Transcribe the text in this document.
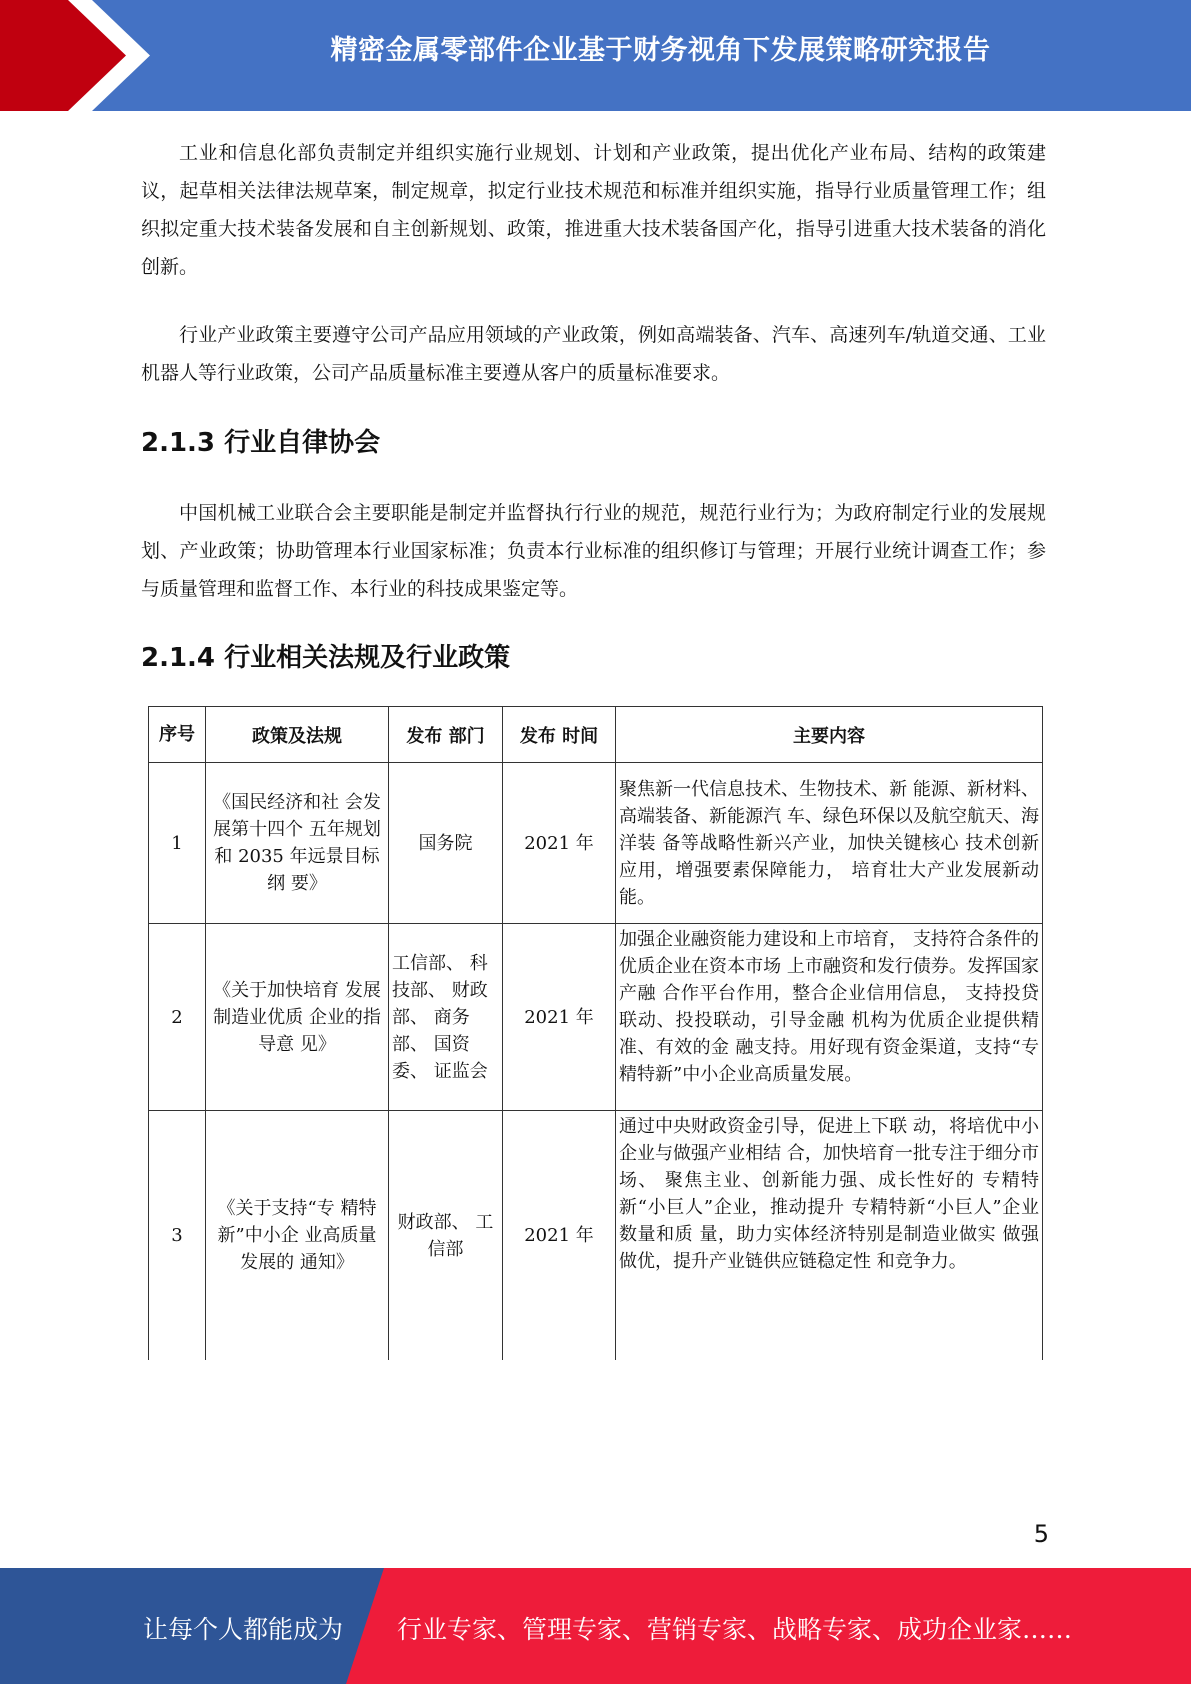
精密金属零部件企业基于财务视角下发展策略研究报告

工业和信息化部负责制定并组织实施行业规划、计划和产业政策，提出优化产业布局、结构的政策建议，起草相关法律法规草案，制定规章，拟定行业技术规范和标准并组织实施，指导行业质量管理工作；组织拟定重大技术装备发展和自主创新规划、政策，推进重大技术装备国产化，指导引进重大技术装备的消化创新。

行业产业政策主要遵守公司产品应用领域的产业政策，例如高端装备、汽车、高速列车/轨道交通、工业机器人等行业政策，公司产品质量标准主要遵从客户的质量标准要求。

2.1.3 行业自律协会

中国机械工业联合会主要职能是制定并监督执行行业的规范，规范行业行为；为政府制定行业的发展规划、产业政策；协助管理本行业国家标准；负责本行业标准的组织修订与管理；开展行业统计调查工作；参与质量管理和监督工作、本行业的科技成果鉴定等。

2.1.4 行业相关法规及行业政策
序号	政策及法规	发布 部门	发布 时间	主要内容
1	《国民经济和社 会发展第十四个 五年规划和 2035 年远景目标纲 要》	国务院	2021 年	聚焦新一代信息技术、生物技术、新 能源、新材料、高端装备、新能源汽 车、绿色环保以及航空航天、海洋装 备等战略性新兴产业，加快关键核心 技术创新应用，增强要素保障能力， 培育壮大产业发展新动能。
2	《关于加快培育 发展制造业优质 企业的指导意 见》	工信部、 科技部、 财政部、 商务部、 国资委、 证监会	2021 年	加强企业融资能力建设和上市培育， 支持符合条件的优质企业在资本市场 上市融资和发行债券。发挥国家产融 合作平台作用，整合企业信用信息， 支持投贷联动、投投联动，引导金融 机构为优质企业提供精准、有效的金 融支持。用好现有资金渠道，支持“专精特新”中小企业高质量发展。
3	《关于支持“专 精特新”中小企 业高质量发展的 通知》	财政部、 工信部	2021 年	通过中央财政资金引导，促进上下联 动，将培优中小企业与做强产业相结 合，加快培育一批专注于细分市场、 聚焦主业、创新能力强、成长性好的 专精特新“小巨人”企业，推动提升 专精特新“小巨人”企业数量和质 量，助力实体经济特别是制造业做实 做强做优，提升产业链供应链稳定性 和竞争力。
5
让每个人都能成为 行业专家、管理专家、营销专家、战略专家、成功企业家……
